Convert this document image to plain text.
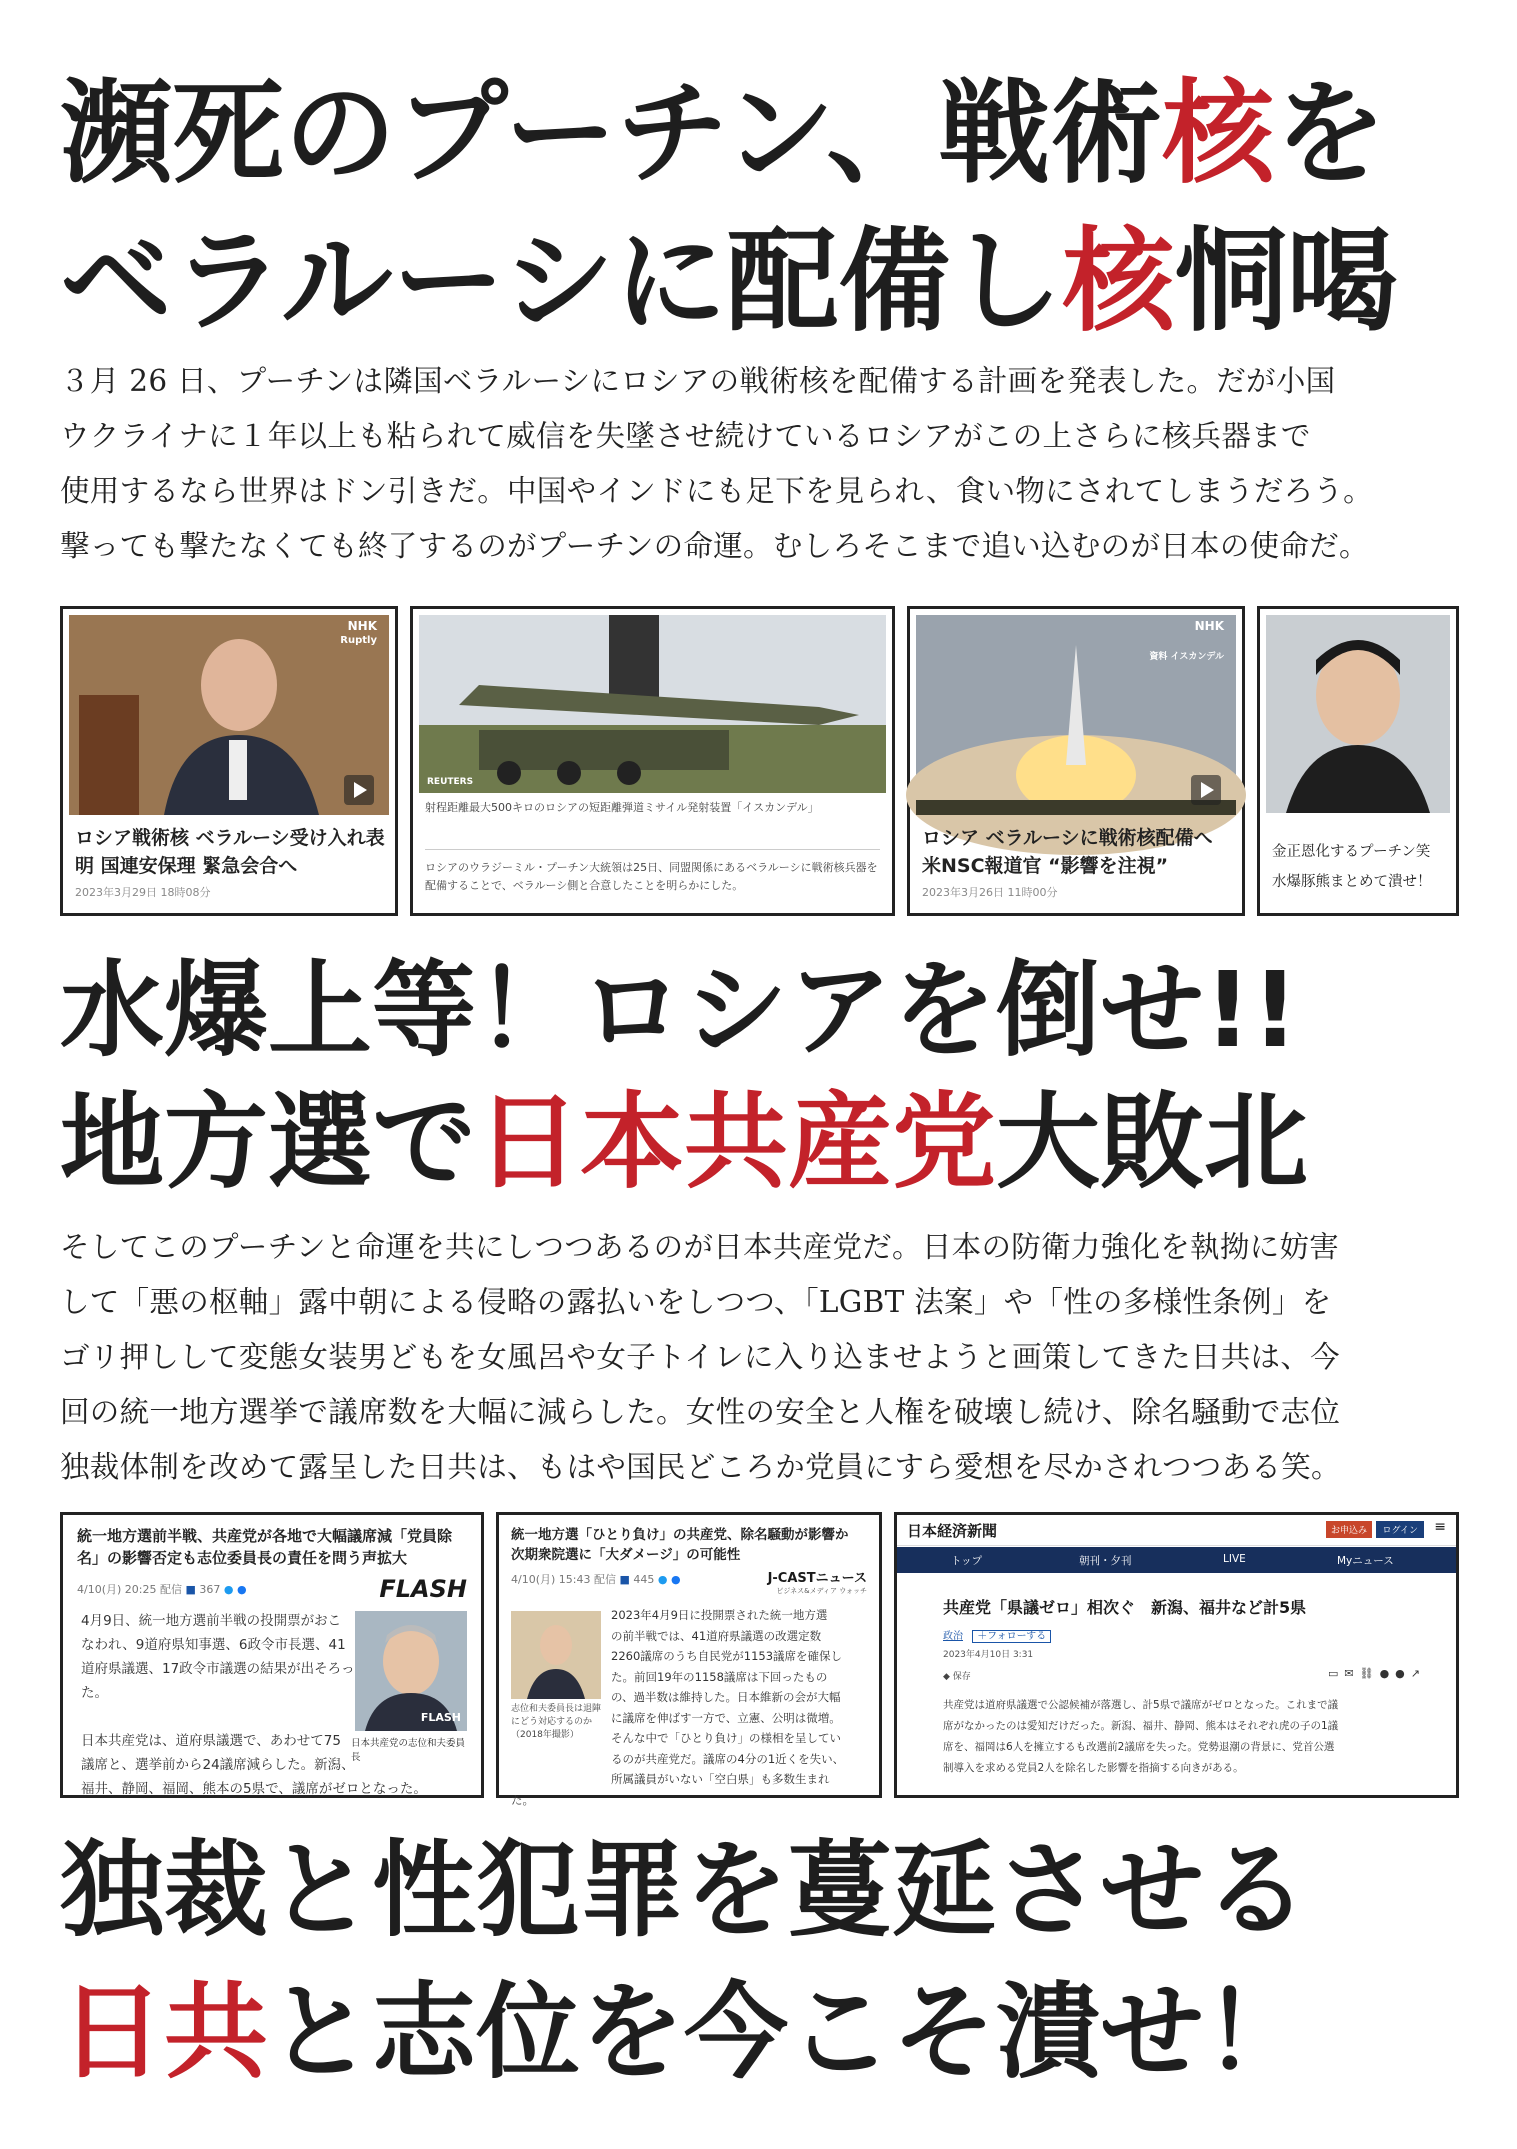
瀕死のプーチン、戦術核を
ベラルーシに配備し核恫喝

３月 26 日、プーチンは隣国ベラルーシにロシアの戦術核を配備する計画を発表した。だが小国

ウクライナに１年以上も粘られて威信を失墜させ続けているロシアがこの上さらに核兵器まで

使用するなら世界はドン引きだ。中国やインドにも足下を見られ、食い物にされてしまうだろう。

撃っても撃たなくても終了するのがプーチンの命運。むしろそこまで追い込むのが日本の使命だ。

NHK
Ruptly
ロシア戦術核 ベラルーシ受け入れ表明 国連安保理 緊急会合へ
2023年3月29日 18時08分
REUTERS
射程距離最大500キロのロシアの短距離弾道ミサイル発射装置「イスカンデル」
ロシアのウラジーミル・プーチン大統領は25日、同盟関係にあるベラルーシに戦術核兵器を配備することで、ベラルーシ側と合意したことを明らかにした。
NHK
資料 イスカンデル
ロシア ベラルーシに戦術核配備へ 米NSC報道官 “影響を注視”
2023年3月26日 11時00分
金正恩化するプーチン笑
水爆豚熊まとめて潰せ！
水爆上等！ロシアを倒せ!!
地方選で日本共産党大敗北

そしてこのプーチンと命運を共にしつつあるのが日本共産党だ。日本の防衛力強化を執拗に妨害

して「悪の枢軸」露中朝による侵略の露払いをしつつ、「LGBT 法案」や「性の多様性条例」を

ゴリ押しして変態女装男どもを女風呂や女子トイレに入り込ませようと画策してきた日共は、今

回の統一地方選挙で議席数を大幅に減らした。女性の安全と人権を破壊し続け、除名騒動で志位

独裁体制を改めて露呈した日共は、もはや国民どころか党員にすら愛想を尽かされつつある笑。

統一地方選前半戦、共産党が各地で大幅議席減「党員除名」の影響否定も志位委員長の責任を問う声拡大
4/10(月) 20:25 配信 ■ 367 ● ●	FLASH
4月9日、統一地方選前半戦の投開票がおこ
なわれ、9道府県知事選、6政令市長選、41
道府県議選、17政令市議選の結果が出そろっ
た。
日本共産党は、道府県議選で、あわせて75
議席と、選挙前から24議席減らした。新潟、
福井、静岡、福岡、熊本の5県で、議席がゼロとなった。
FLASH
日本共産党の志位和夫委員長
統一地方選「ひとり負け」の共産党、除名騒動が影響か　次期衆院選に「大ダメージ」の可能性
4/10(月) 15:43 配信 ■ 445 ● ●	J-CASTニュース
ビジネス&メディア ウォッチ
志位和夫委員長は退陣にどう対応するのか（2018年撮影）
2023年4月9日に投開票された統一地方選
の前半戦では、41道府県議選の改選定数
2260議席のうち自民党が1153議席を確保し
た。前回19年の1158議席は下回ったもの
の、過半数は維持した。日本維新の会が大幅
に議席を伸ばす一方で、立憲、公明は微増。
そんな中で「ひとり負け」の様相を呈してい
るのが共産党だ。議席の4分の1近くを失い、
所属議員がいない「空白県」も多数生まれ
た。
日本経済新聞	お申込み	ログイン	≡
トップ	朝刊・夕刊	LIVE	Myニュース
共産党「県議ゼロ」相次ぐ　新潟、福井など計5県
政治 ＋フォローする
2023年4月10日 3:31
◆ 保存	▭✉⛓●●↗
共産党は道府県議選で公認候補が落選し、計5県で議席がゼロとなった。これまで議
席がなかったのは愛知だけだった。新潟、福井、静岡、熊本はそれぞれ虎の子の1議
席を、福岡は6人を擁立するも改選前2議席を失った。党勢退潮の背景に、党首公選
制導入を求める党員2人を除名した影響を指摘する向きがある。
独裁と性犯罪を蔓延させる
日共と志位を今こそ潰せ！
